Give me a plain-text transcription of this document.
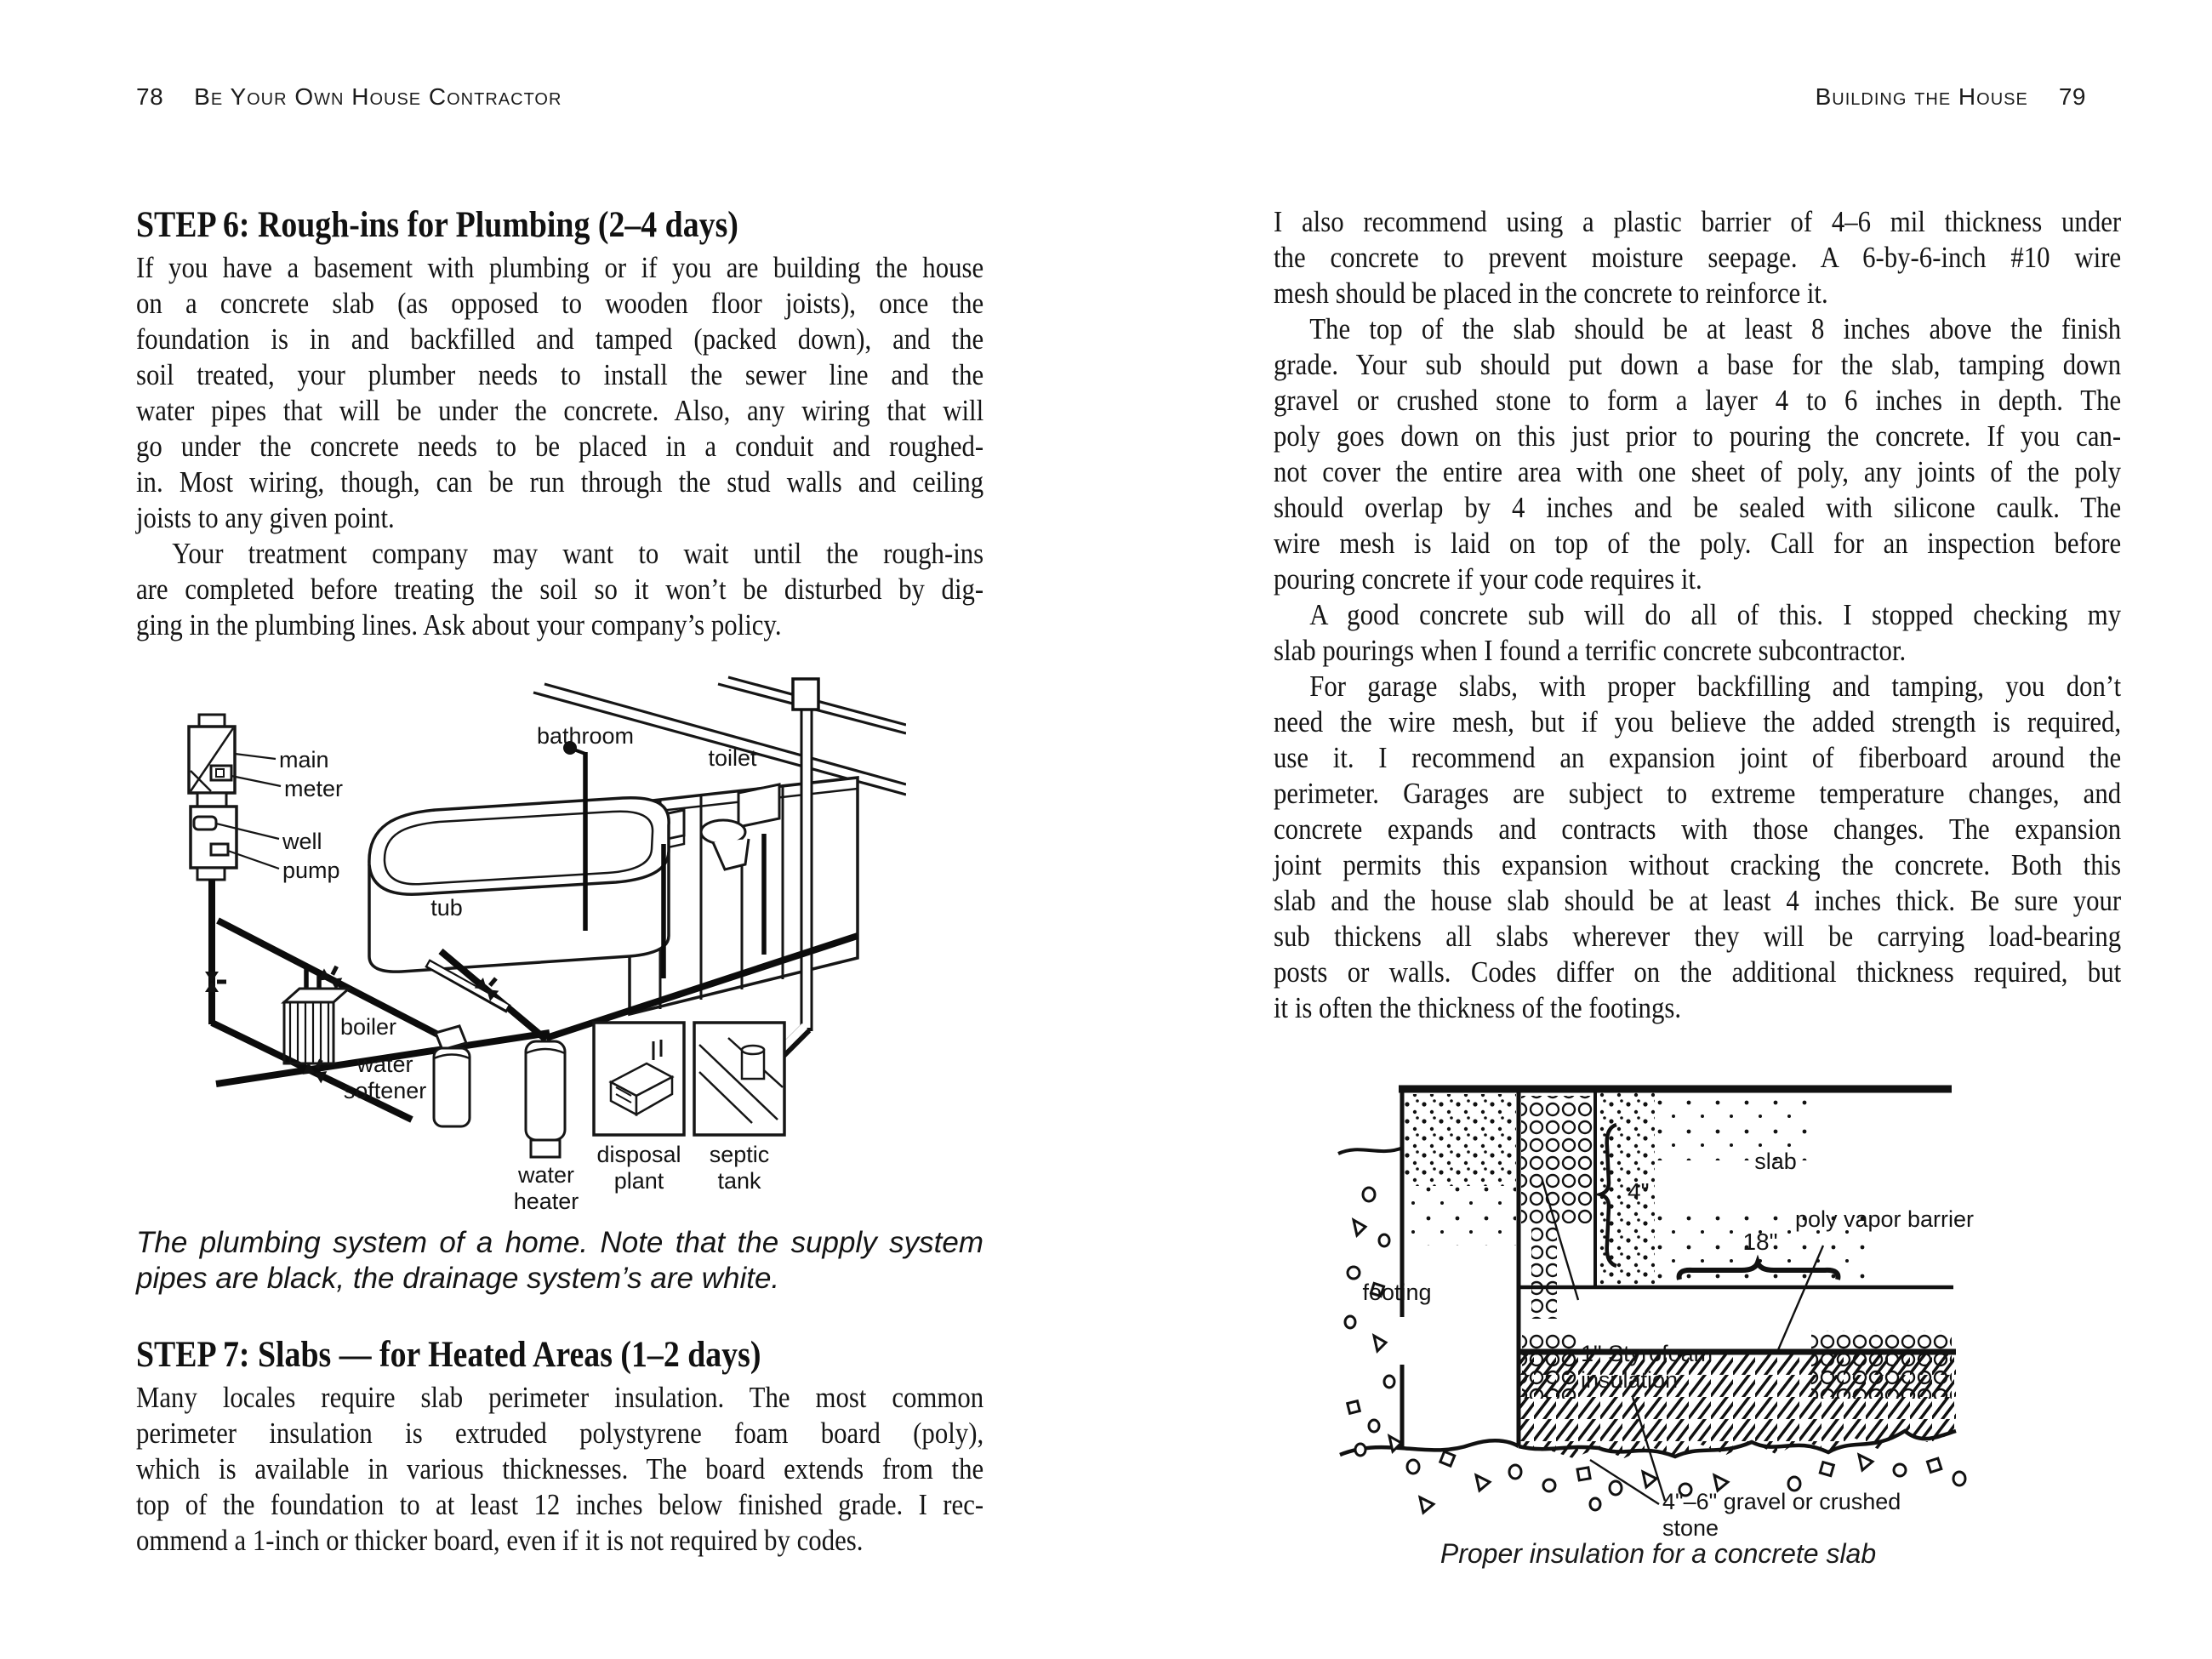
78 Be Your Own House Contractor	Building the House 79
STEP 6: Rough-ins for Plumbing (2–4 days)
If you have a basement with plumbing or if you are building the house
on a concrete slab (as opposed to wooden floor joists), once the
foundation is in and backfilled and tamped (packed down), and the
soil treated, your plumber needs to install the sewer line and the
water pipes that will be under the concrete. Also, any wiring that will
go under the concrete needs to be placed in a conduit and roughed-
in. Most wiring, though, can be run through the stud walls and ceiling
joists to any given point.
Your treatment company may want to wait until the rough-ins
are completed before treating the soil so it won’t be disturbed by dig-
ging in the plumbing lines. Ask about your company’s policy.
main
meter
well
pump
bathroom
toilet
tub
boiler
water softener
water heater
disposal plant
septic tank
The plumbing system of a home. Note that the supply system
pipes are black, the drainage system’s are white.
STEP 7: Slabs — for Heated Areas (1–2 days)
Many locales require slab perimeter insulation. The most common
perimeter insulation is extruded polystyrene foam board (poly),
which is available in various thicknesses. The board extends from the
top of the foundation to at least 12 inches below finished grade. I rec-
ommend a 1-inch or thicker board, even if it is not required by codes.
I also recommend using a plastic barrier of 4–6 mil thickness under
the concrete to prevent moisture seepage. A 6-by-6-inch #10 wire
mesh should be placed in the concrete to reinforce it.
The top of the slab should be at least 8 inches above the finish
grade. Your sub should put down a base for the slab, tamping down
gravel or crushed stone to form a layer 4 to 6 inches in depth. The
poly goes down on this just prior to pouring the concrete. If you can-
not cover the entire area with one sheet of poly, any joints of the poly
should overlap by 4 inches and be sealed with silicone caulk. The
wire mesh is laid on top of the poly. Call for an inspection before
pouring concrete if your code requires it.
A good concrete sub will do all of this. I stopped checking my
slab pourings when I found a terrific concrete subcontractor.
For garage slabs, with proper backfilling and tamping, you don’t
need the wire mesh, but if you believe the added strength is required,
use it. I recommend an expansion joint of fiberboard around the
perimeter. Garages are subject to extreme temperature changes, and
concrete expands and contracts with those changes. The expansion
joint permits this expansion without cracking the concrete. Both this
slab and the house slab should be at least 4 inches thick. Be sure your
sub thickens all slabs wherever they will be carrying load-bearing
posts or walls. Codes differ on the additional thickness required, but
it is often the thickness of the footings.
footing
slab
4"
18"
poly vapor barrier
1" Styrofoam insulation
4"–6" gravel or crushed stone
Proper insulation for a concrete slab
